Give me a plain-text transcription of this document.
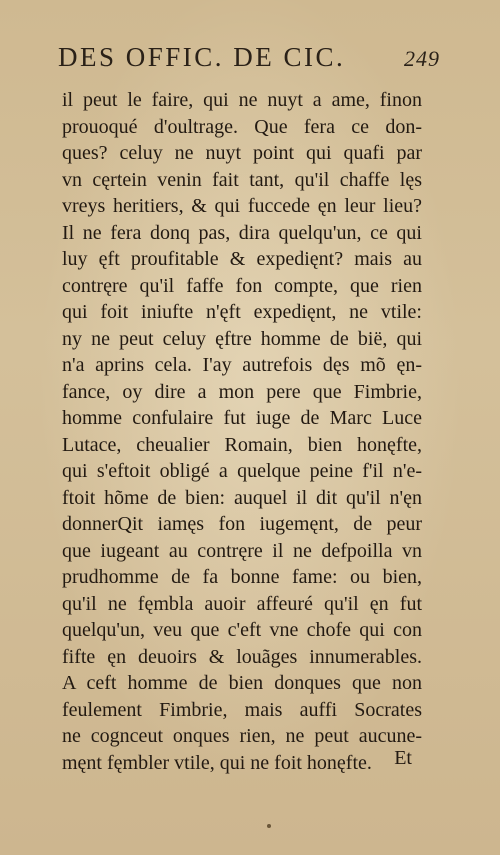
DES OFFIC. DE CIC.	249
il peut le faire, qui ne nuyt a ame, finon
prouoqué d'oultrage. Que fera ce don-
ques? celuy ne nuyt point qui quafi par
vn cęrtein venin fait tant, qu'il chaffe lęs
vreys heritiers, & qui fuccede ęn leur lieu?
Il ne fera donq pas, dira quelqu'un, ce qui
luy ęft proufitable & expedięnt? mais au
contręre qu'il faffe fon compte, que rien
qui foit iniufte n'ęft expedięnt, ne vtile:
ny ne peut celuy ęftre homme de bië, qui
n'a aprins cela. I'ay autrefois dęs mõ ęn-
fance, oy dire a mon pere que Fimbrie,
homme confulaire fut iuge de Marc Luce
Lutace, cheualier Romain, bien honęfte,
qui s'eftoit obligé a quelque peine f'il n'e-
ftoit hõme de bien: auquel il dit qu'il n'ęn
donnerQit iamęs fon iugemęnt, de peur
que iugeant au contręre il ne defpoilla vn
prudhomme de fa bonne fame: ou bien,
qu'il ne fęmbla auoir affeuré qu'il ęn fut
quelqu'un, veu que c'eft vne chofe qui con
fifte ęn deuoirs & louãges innumerables.
A ceft homme de bien donques que non
feulement Fimbrie, mais auffi Socrates
ne cognceut onques rien, ne peut aucune-
męnt fęmbler vtile, qui ne foit honęfte.	Et
